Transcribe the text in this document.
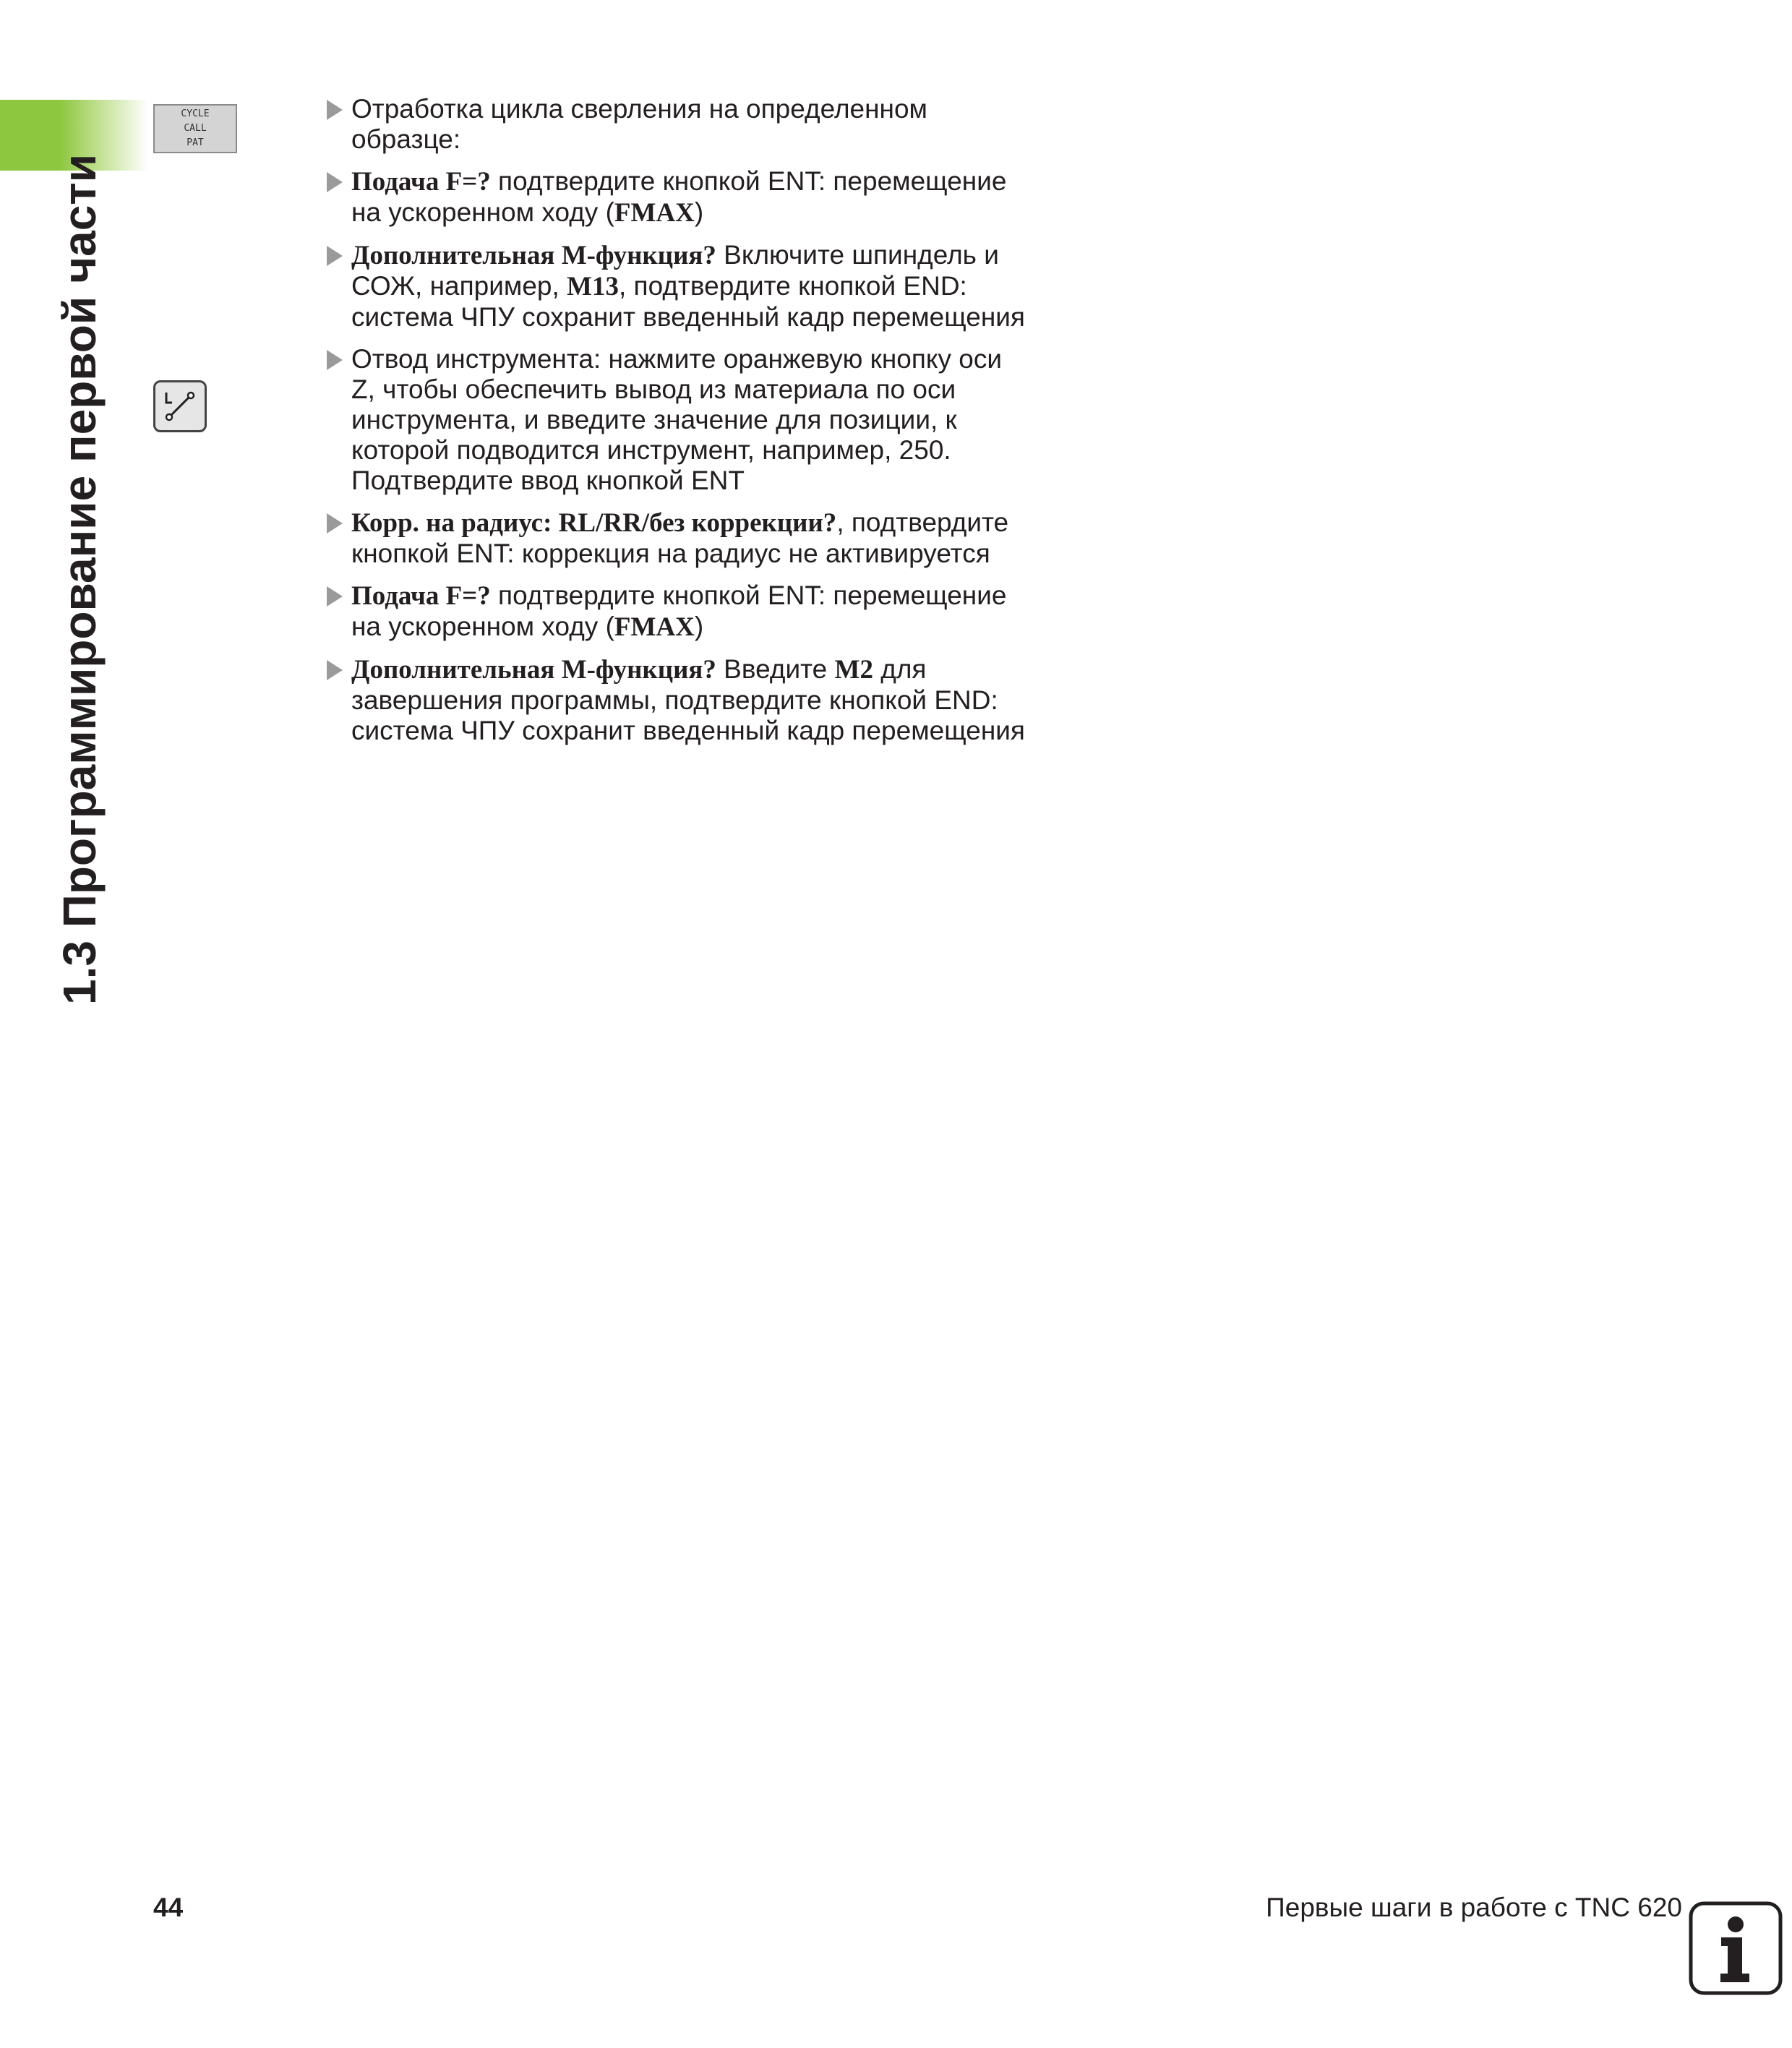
1.3 Программирование первой части
CYCLE
CALL
PAT
Отработка цикла сверления на определенном образце:
Подача F=? подтвердите кнопкой ENT: перемещение на ускоренном ходу (FMAX)
Дополнительная M-функция? Включите шпиндель и СОЖ, например, M13, подтвердите кнопкой END: система ЧПУ сохранит введенный кадр перемещения
Отвод инструмента: нажмите оранжевую кнопку оси Z, чтобы обеспечить вывод из материала по оси инструмента, и введите значение для позиции, к которой подводится инструмент, например, 250. Подтвердите ввод кнопкой ENT
Корр. на радиус: RL/RR/без коррекции?, подтвердите кнопкой ENT: коррекция на радиус не активируется
Подача F=? подтвердите кнопкой ENT: перемещение на ускоренном ходу (FMAX)
Дополнительная M-функция? Введите M2 для завершения программы, подтвердите кнопкой END: система ЧПУ сохранит введенный кадр перемещения
44	Первые шаги в работе с TNC 620
